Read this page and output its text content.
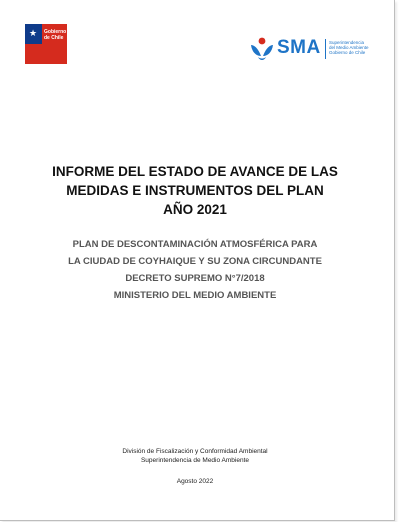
★ Gobierno
de Chile	SMA Superintendencia
del Medio Ambiente
Gobierno de Chile

INFORME DEL ESTADO DE AVANCE DE LAS

MEDIDAS E INSTRUMENTOS DEL PLAN

AÑO 2021

PLAN DE DESCONTAMINACIÓN ATMOSFÉRICA PARA

LA CIUDAD DE COYHAIQUE Y SU ZONA CIRCUNDANTE

DECRETO SUPREMO N°7/2018

MINISTERIO DEL MEDIO AMBIENTE

División de Fiscalización y Conformidad Ambiental
Superintendencia de Medio Ambiente
Agosto 2022
